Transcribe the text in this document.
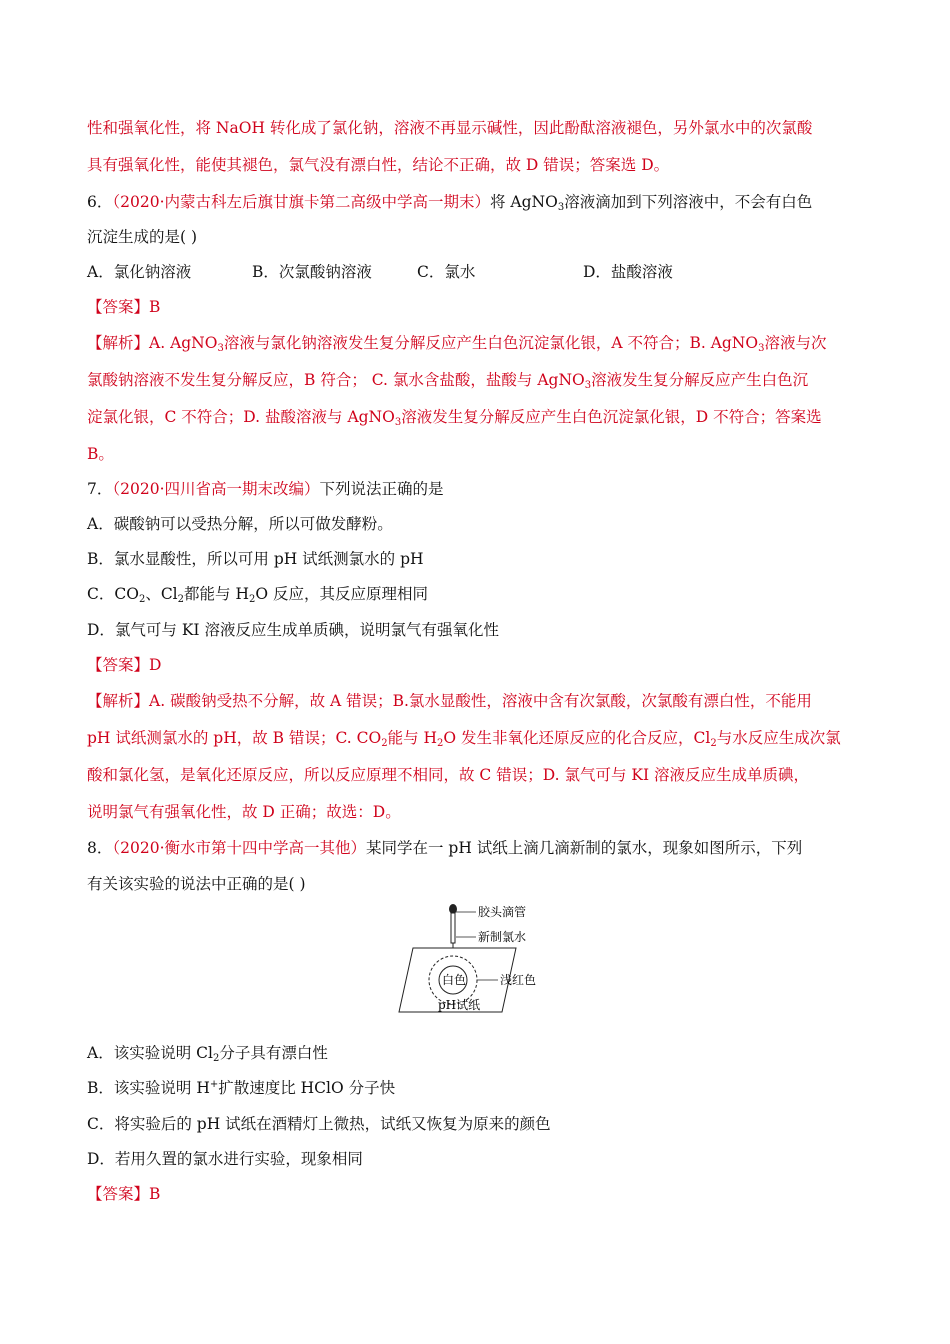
性和强氧化性，将 NaOH 转化成了氯化钠，溶液不再显示碱性，因此酚酞溶液褪色，另外氯水中的次氯酸
具有强氧化性，能使其褪色，氯气没有漂白性，结论不正确，故 D 错误；答案选 D。
6．（2020·内蒙古科左后旗甘旗卡第二高级中学高一期末）将 AgNO$_3$溶液滴加到下列溶液中，不会有白色
沉淀生成的是( )
A．氯化钠溶液	B．次氯酸钠溶液	C．氯水	D．盐酸溶液
【答案】B
【解析】A. AgNO$_3$溶液与氯化钠溶液发生复分解反应产生白色沉淀氯化银，A 不符合；B. AgNO$_3$溶液与次
氯酸钠溶液不发生复分解反应，B 符合； C. 氯水含盐酸，盐酸与 AgNO$_3$溶液发生复分解反应产生白色沉
淀氯化银，C 不符合；D. 盐酸溶液与 AgNO$_3$溶液发生复分解反应产生白色沉淀氯化银，D 不符合；答案选
B。
7．（2020·四川省高一期末改编）下列说法正确的是
A．碳酸钠可以受热分解，所以可做发酵粉。
B．氯水显酸性，所以可用 pH 试纸测氯水的 pH
C．$CO_2$、$Cl_2$都能与 $H_2O$ 反应，其反应原理相同
D．氯气可与 KI 溶液反应生成单质碘，说明氯气有强氧化性
【答案】D
【解析】A. 碳酸钠受热不分解，故 A 错误；B.氯水显酸性，溶液中含有次氯酸，次氯酸有漂白性，不能用
pH 试纸测氯水的 pH，故 B 错误；C. $CO_2$能与 $H_2O$ 发生非氧化还原反应的化合反应，$Cl_2$与水反应生成次氯
酸和氯化氢，是氧化还原反应，所以反应原理不相同，故 C 错误；D. 氯气可与 KI 溶液反应生成单质碘，
说明氯气有强氧化性，故 D 正确；故选：D。
8．（2020·衡水市第十四中学高一其他）某同学在一 pH 试纸上滴几滴新制的氯水，现象如图所示，下列
有关该实验的说法中正确的是( )
胶头滴管
新制氯水
白色	浅红色
pH试纸
A．该实验说明 $Cl_2$分子具有漂白性
B．该实验说明 H+扩散速度比 HClO 分子快
C．将实验后的 pH 试纸在酒精灯上微热，试纸又恢复为原来的颜色
D．若用久置的氯水进行实验，现象相同
【答案】B
